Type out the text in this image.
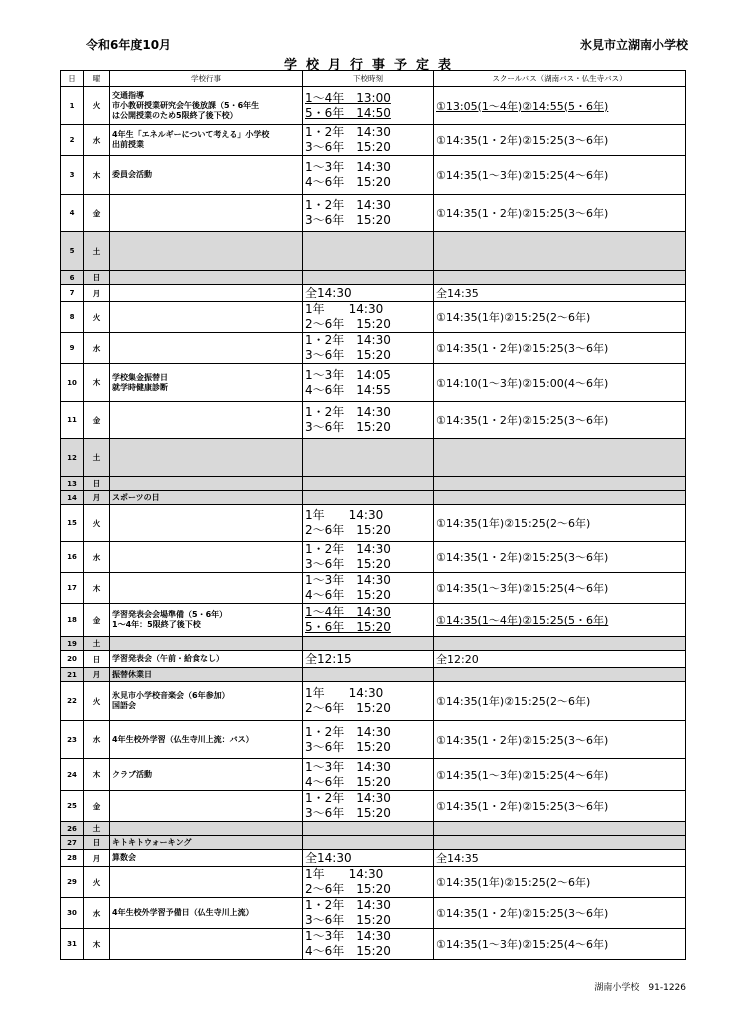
令和6年度10月	氷見市立湖南小学校
学校月行事予定表
日	曜	学校行事	下校時刻	スクールバス（湖南バス・仏生寺バス）
1	火	交通指導
市小教研授業研究会午後放課（5・6年生
は公開授業のため5限終了後下校）	1～4年　13:00
5・6年　14:50	①13:05(1～4年)②14:55(5・6年)
2	水	4年生「エネルギーについて考える」小学校
出前授業	1・2年　14:30
3～6年　15:20	①14:35(1・2年)②15:25(3～6年)
3	木	委員会活動	1～3年　14:30
4～6年　15:20	①14:35(1～3年)②15:25(4～6年)
4	金		1・2年　14:30
3～6年　15:20	①14:35(1・2年)②15:25(3～6年)
5	土			
6	日			
7	月		全14:30	全14:35
8	火		1年　　14:30
2～6年　15:20	①14:35(1年)②15:25(2～6年)
9	水		1・2年　14:30
3～6年　15:20	①14:35(1・2年)②15:25(3～6年)
10	木	学校集金振替日
就学時健康診断	1～3年　14:05
4～6年　14:55	①14:10(1～3年)②15:00(4～6年)
11	金		1・2年　14:30
3～6年　15:20	①14:35(1・2年)②15:25(3～6年)
12	土			
13	日			
14	月	スポーツの日		

15	火		1年　　14:30
2～6年　15:20	①14:35(1年)②15:25(2～6年)
16	水		1・2年　14:30
3～6年　15:20	①14:35(1・2年)②15:25(3～6年)
17	木		1～3年　14:30
4～6年　15:20	①14:35(1～3年)②15:25(4～6年)
18	金	学習発表会会場準備（5・6年）
1～4年：5限終了後下校	1～4年　14:30
5・6年　15:20	①14:35(1～4年)②15:25(5・6年)
19	土			
20	日	学習発表会（午前・給食なし）	全12:15	全12:20
21	月	振替休業日		

22	火	氷見市小学校音楽会（6年参加）
国語会	1年　　14:30
2～6年　15:20	①14:35(1年)②15:25(2～6年)
23	水	4年生校外学習（仏生寺川上流：バス）	1・2年　14:30
3～6年　15:20	①14:35(1・2年)②15:25(3～6年)
24	木	クラブ活動	1～3年　14:30
4～6年　15:20	①14:35(1～3年)②15:25(4～6年)
25	金		1・2年　14:30
3～6年　15:20	①14:35(1・2年)②15:25(3～6年)
26	土			
27	日	キトキトウォーキング		

28	月	算数会	全14:30	全14:35
29	火		1年　　14:30
2～6年　15:20	①14:35(1年)②15:25(2～6年)
30	水	4年生校外学習予備日（仏生寺川上流）	1・2年　14:30
3～6年　15:20	①14:35(1・2年)②15:25(3～6年)
31	木		1～3年　14:30
4～6年　15:20	①14:35(1～3年)②15:25(4～6年)
湖南小学校　91-1226
